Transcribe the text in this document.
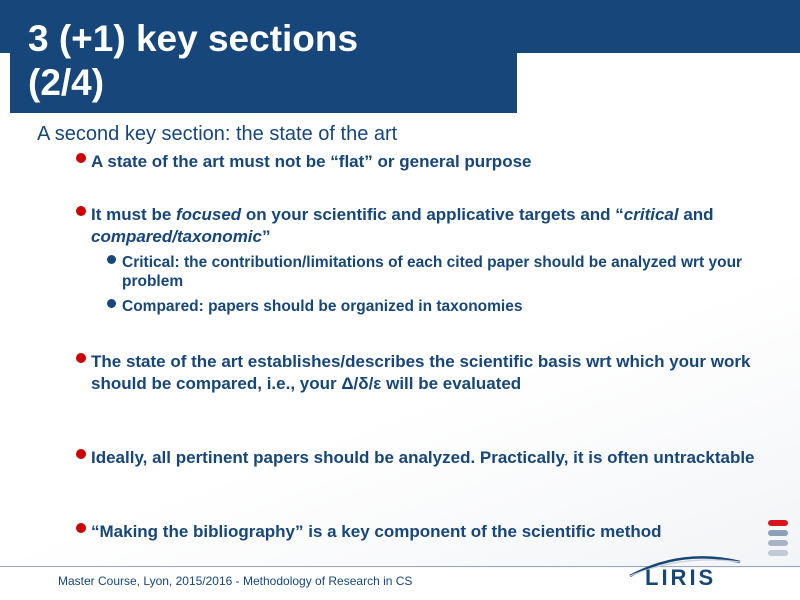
3 (+1) key sections
(2/4)
A second key section: the state of the art
A state of the art must not be “flat” or general purpose
It must be focused on your scientific and applicative targets and “critical and compared/taxonomic”
Critical: the contribution/limitations of each cited paper should be analyzed wrt your problem
Compared: papers should be organized in taxonomies
The state of the art establishes/describes the scientific basis wrt which your work should be compared, i.e., your Δ/δ/ε will be evaluated
Ideally, all pertinent papers should be analyzed. Practically, it is often untracktable
“Making the bibliography” is a key component of the scientific method
Master Course, Lyon, 2015/2016 - Methodology of Research in CS	LIRIS
